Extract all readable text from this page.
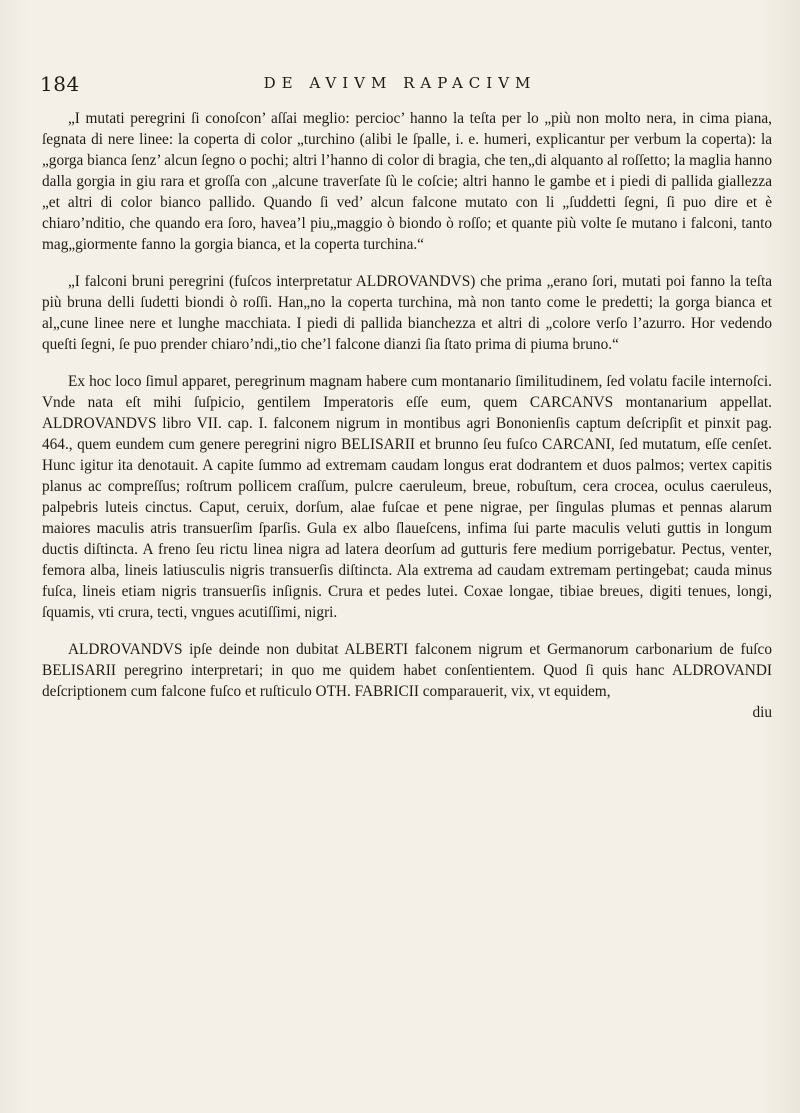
184	DE AVIVM RAPACIVM

„I mutati peregrini ſi conoſcon’ aſſai meglio: percioc’ hanno la teſta per lo „più non molto nera, in cima piana, ſegnata di nere linee: la coperta di color „turchino (alibi le ſpalle, i. e. humeri, explicantur per verbum la coperta): la „gorga bianca ſenz’ alcun ſegno o pochi; altri l’hanno di color di bragia, che ten„di alquanto al roſſetto; la maglia hanno dalla gorgia in giu rara et groſſa con „alcune traverſate ſù le coſcie; altri hanno le gambe et i piedi di pallida giallezza „et altri di color bianco pallido. Quando ſi ved’ alcun falcone mutato con li „ſuddetti ſegni, ſi puo dire et è chiaro’nditio, che quando era ſoro, havea’l piu„maggio ò biondo ò roſſo; et quante più volte ſe mutano i falconi, tanto mag„giormente fanno la gorgia bianca, et la coperta turchina.“

„I falconi bruni peregrini (fuſcos interpretatur ALDROVANDVS) che prima „erano ſori, mutati poi fanno la teſta più bruna delli ſudetti biondi ò roſſi. Han„no la coperta turchina, mà non tanto come le predetti; la gorga bianca et al„cune linee nere et lunghe macchiata. I piedi di pallida bianchezza et altri di „colore verſo l’azurro. Hor vedendo queſti ſegni, ſe puo prender chiaro’ndi„tio che’l falcone dianzi ſia ſtato prima di piuma bruno.“

Ex hoc loco ſimul apparet, peregrinum magnam habere cum montanario ſimilitudinem, ſed volatu facile internoſci. Vnde nata eſt mihi ſuſpicio, gentilem Imperatoris eſſe eum, quem CARCANVS montanarium appellat. ALDROVANDVS libro VII. cap. I. falconem nigrum in montibus agri Bononienſis captum deſcripſit et pinxit pag. 464., quem eundem cum genere peregrini nigro BELISARII et brunno ſeu fuſco CARCANI, ſed mutatum, eſſe cenſet. Hunc igitur ita denotauit. A capite ſummo ad extremam caudam longus erat dodrantem et duos palmos; vertex capitis planus ac compreſſus; roſtrum pollicem craſſum, pulcre caeruleum, breue, robuſtum, cera crocea, oculus caeruleus, palpebris luteis cinctus. Caput, ceruix, dorſum, alae fuſcae et pene nigrae, per ſingulas plumas et pennas alarum maiores maculis atris transuerſim ſparſis. Gula ex albo ſlaueſcens, infima ſui parte maculis veluti guttis in longum ductis diſtincta. A freno ſeu rictu linea nigra ad latera deorſum ad gutturis fere medium porrigebatur. Pectus, venter, femora alba, lineis latiusculis nigris transuerſis diſtincta. Ala extrema ad caudam extremam pertingebat; cauda minus fuſca, lineis etiam nigris transuerſis inſignis. Crura et pedes lutei. Coxae longae, tibiae breues, digiti tenues, longi, ſquamis, vti crura, tecti, vngues acutiſſimi, nigri.

ALDROVANDVS ipſe deinde non dubitat ALBERTI falconem nigrum et Germanorum carbonarium de fuſco BELISARII peregrino interpretari; in quo me quidem habet conſentientem. Quod ſi quis hanc ALDROVANDI deſcriptionem cum falcone fuſco et ruſticulo OTH. FABRICII comparauerit, vix, vt equidem,

diu
